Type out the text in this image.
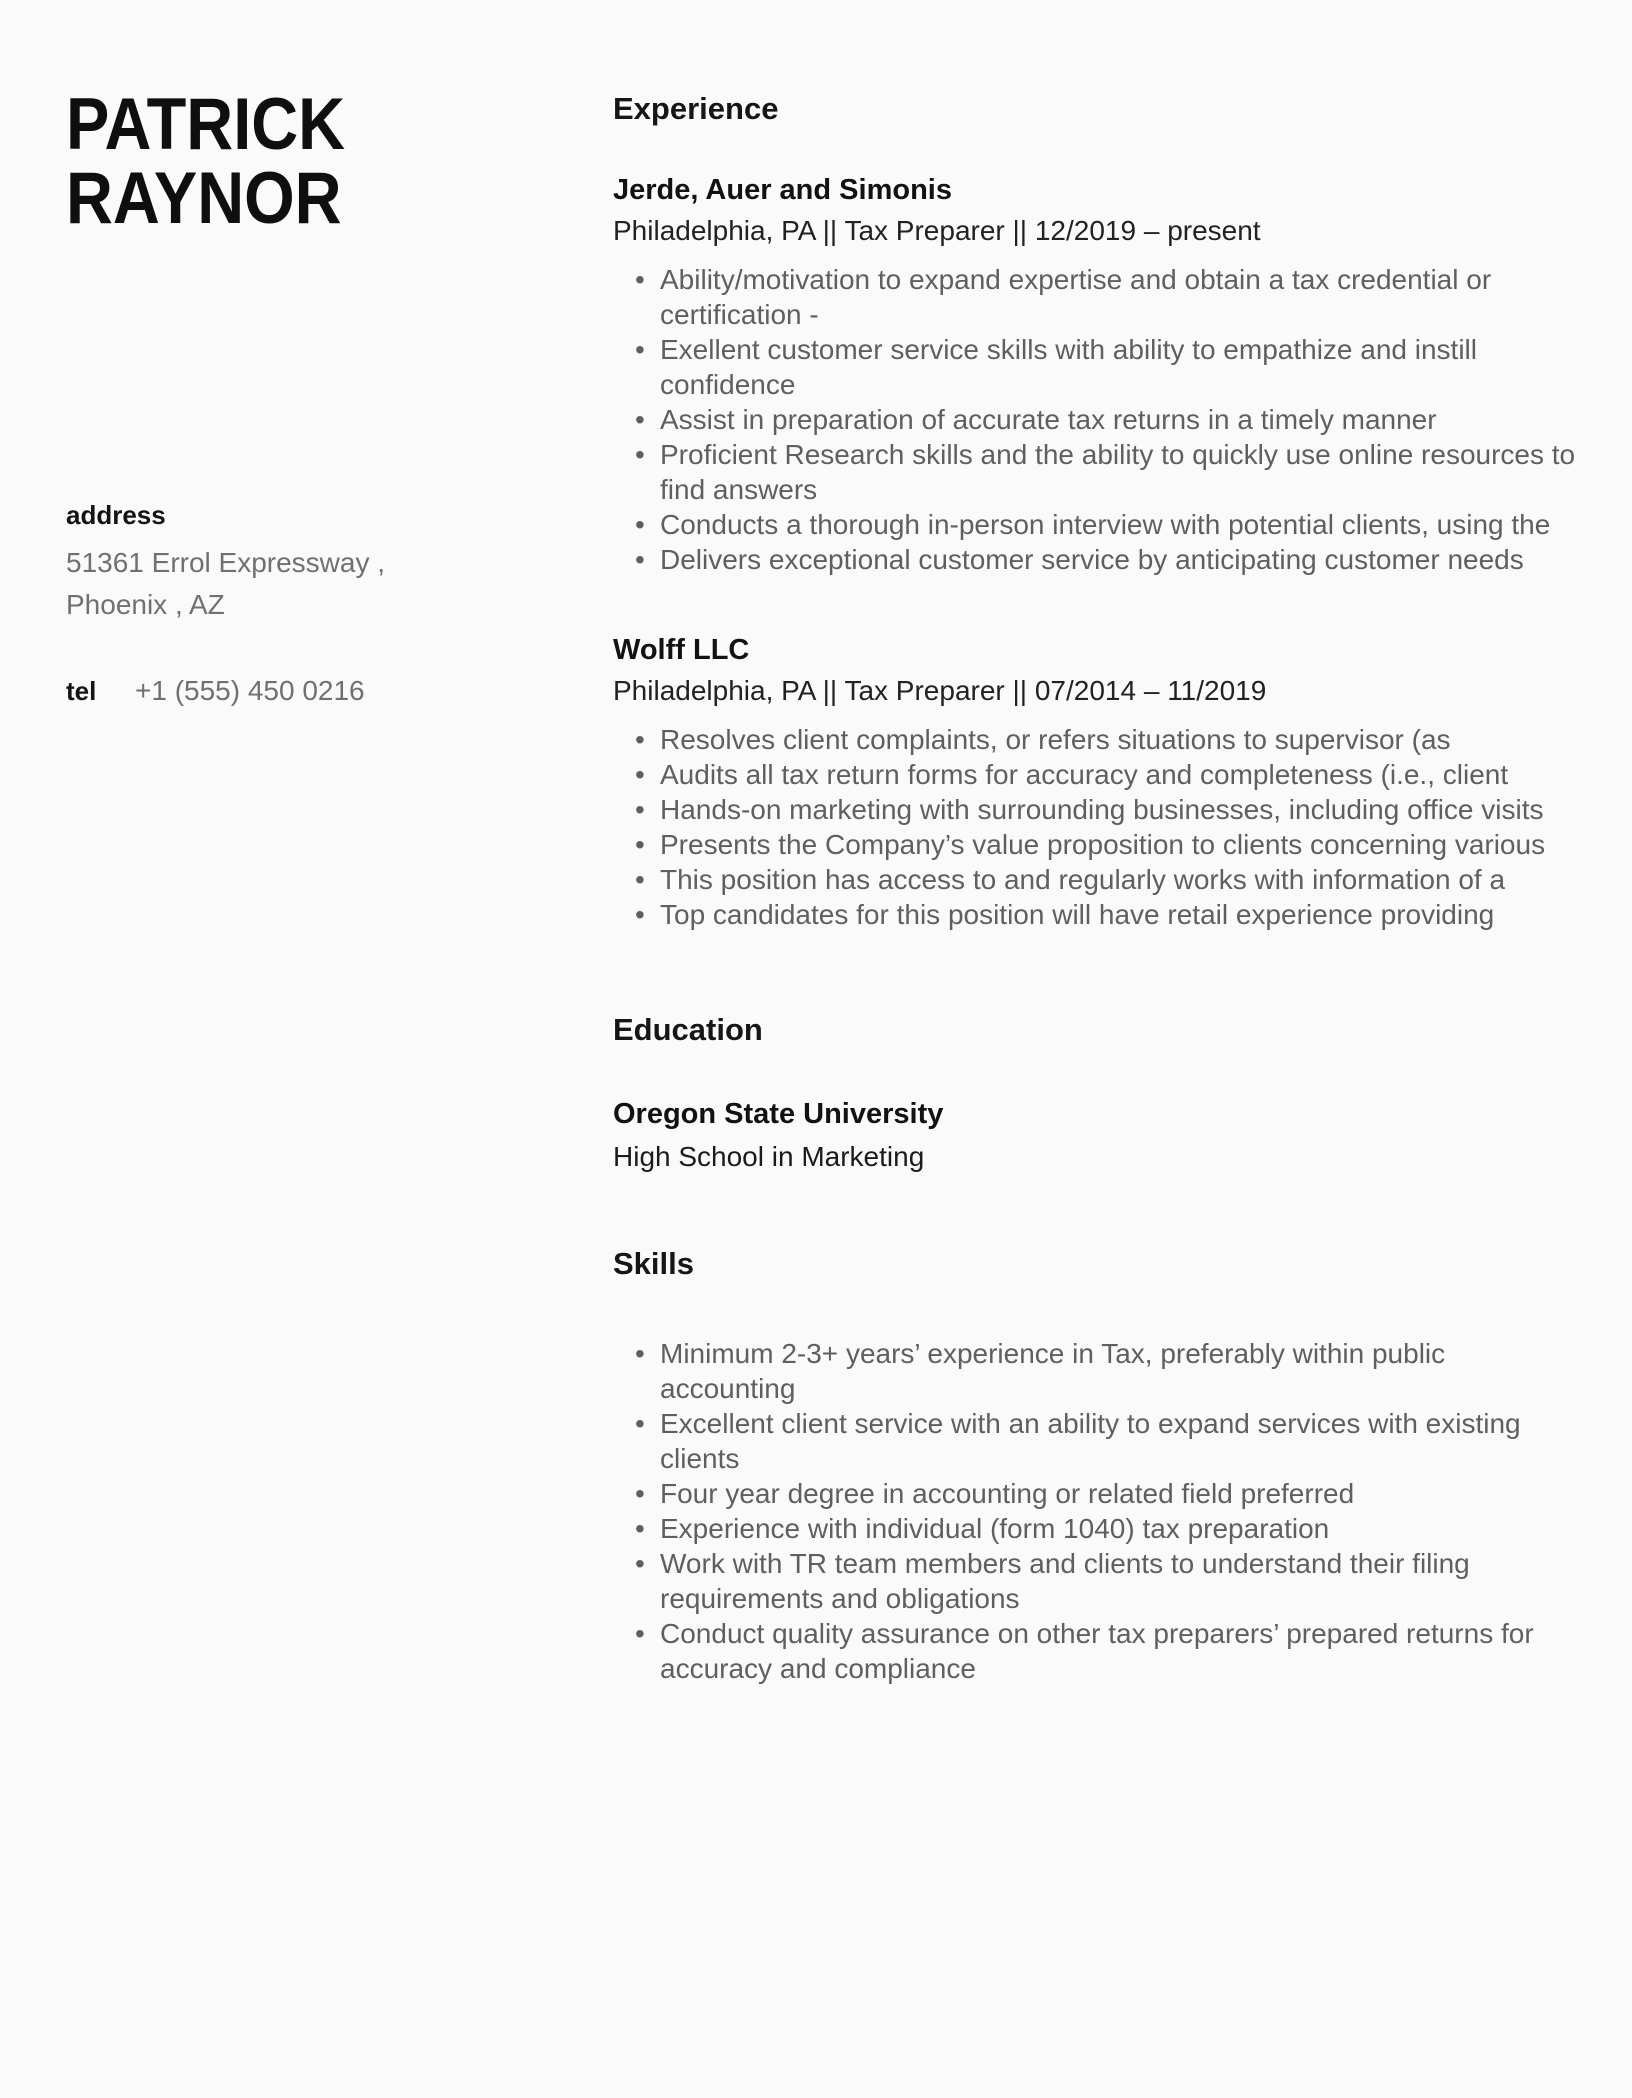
PATRICK
RAYNOR
address
51361 Errol Expressway ,
Phoenix , AZ
tel +1 (555) 450 0216
Experience
Jerde, Auer and Simonis
Philadelphia, PA || Tax Preparer || 12/2019 – present
• Ability/motivation to expand expertise and obtain a tax credential or certification -
• Exellent customer service skills with ability to empathize and instill confidence
• Assist in preparation of accurate tax returns in a timely manner
• Proficient Research skills and the ability to quickly use online resources to find answers
• Conducts a thorough in-person interview with potential clients, using the
• Delivers exceptional customer service by anticipating customer needs
Wolff LLC
Philadelphia, PA || Tax Preparer || 07/2014 – 11/2019
• Resolves client complaints, or refers situations to supervisor (as
• Audits all tax return forms for accuracy and completeness (i.e., client
• Hands-on marketing with surrounding businesses, including office visits
• Presents the Company’s value proposition to clients concerning various
• This position has access to and regularly works with information of a
• Top candidates for this position will have retail experience providing
Education
Oregon State University
High School in Marketing
Skills
• Minimum 2-3+ years’ experience in Tax, preferably within public accounting
• Excellent client service with an ability to expand services with existing clients
• Four year degree in accounting or related field preferred
• Experience with individual (form 1040) tax preparation
• Work with TR team members and clients to understand their filing requirements and obligations
• Conduct quality assurance on other tax preparers’ prepared returns for accuracy and compliance
